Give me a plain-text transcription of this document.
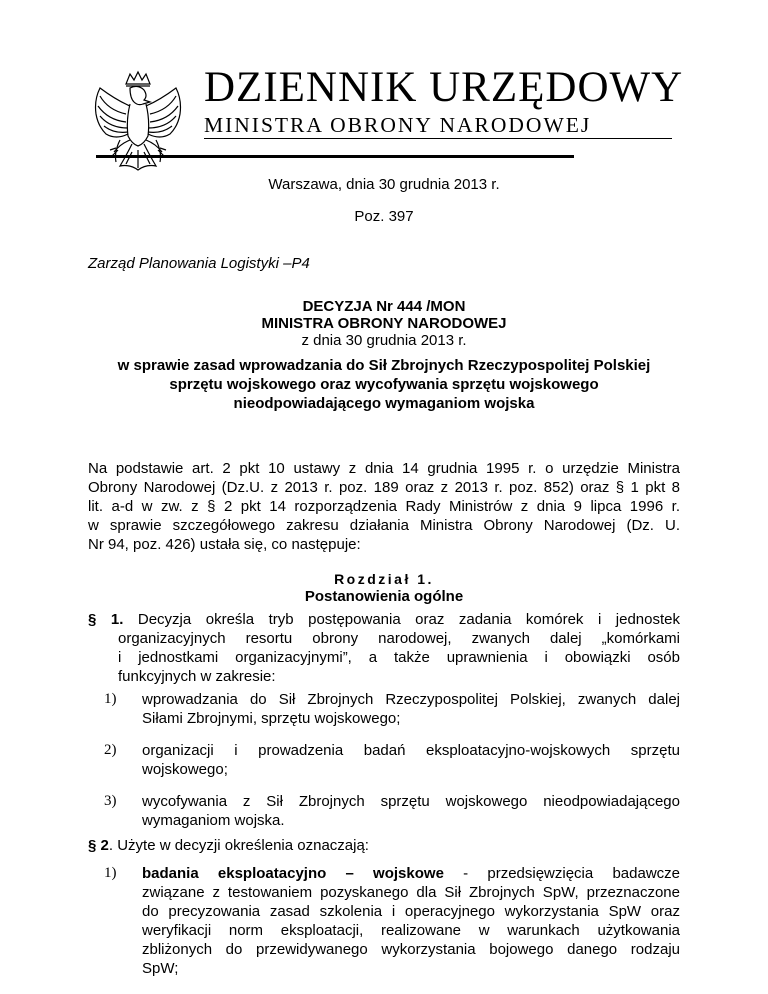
DZIENNIK URZĘDOWY
MINISTRA OBRONY NARODOWEJ
Warszawa, dnia 30 grudnia 2013 r.
Poz. 397
Zarząd Planowania Logistyki –P4
DECYZJA Nr 444 /MON
MINISTRA OBRONY NARODOWEJ
z dnia 30 grudnia 2013 r.
w sprawie zasad wprowadzania do Sił Zbrojnych Rzeczypospolitej Polskiej
sprzętu wojskowego oraz wycofywania sprzętu wojskowego
nieodpowiadającego wymaganiom wojska
Na podstawie art. 2 pkt 10 ustawy z dnia 14 grudnia 1995 r. o urzędzie Ministra
Obrony Narodowej (Dz.U. z 2013 r. poz. 189 oraz z 2013 r. poz. 852) oraz § 1 pkt 8
lit. a-d w zw. z § 2 pkt 14 rozporządzenia Rady Ministrów z dnia 9 lipca 1996 r.
w sprawie szczegółowego zakresu działania Ministra Obrony Narodowej (Dz. U.
Nr 94, poz. 426) ustała się, co następuje:
Rozdział 1.
Postanowienia ogólne
§ 1. Decyzja określa tryb postępowania oraz zadania komórek i jednostek
organizacyjnych resortu obrony narodowej, zwanych dalej „komórkami
i jednostkami organizacyjnymi”, a także uprawnienia i obowiązki osób
funkcyjnych w zakresie:
1) wprowadzania do Sił Zbrojnych Rzeczypospolitej Polskiej, zwanych dalej
Siłami Zbrojnymi, sprzętu wojskowego;
2) organizacji i prowadzenia badań eksploatacyjno-wojskowych sprzętu
wojskowego;
3) wycofywania z Sił Zbrojnych sprzętu wojskowego nieodpowiadającego
wymaganiom wojska.
§ 2. Użyte w decyzji określenia oznaczają:
1) badania eksploatacyjno – wojskowe - przedsięwzięcia badawcze
związane z testowaniem pozyskanego dla Sił Zbrojnych SpW, przeznaczone
do precyzowania zasad szkolenia i operacyjnego wykorzystania SpW oraz
weryfikacji norm eksploatacji, realizowane w warunkach użytkowania
zbliżonych do przewidywanego wykorzystania bojowego danego rodzaju
SpW;
